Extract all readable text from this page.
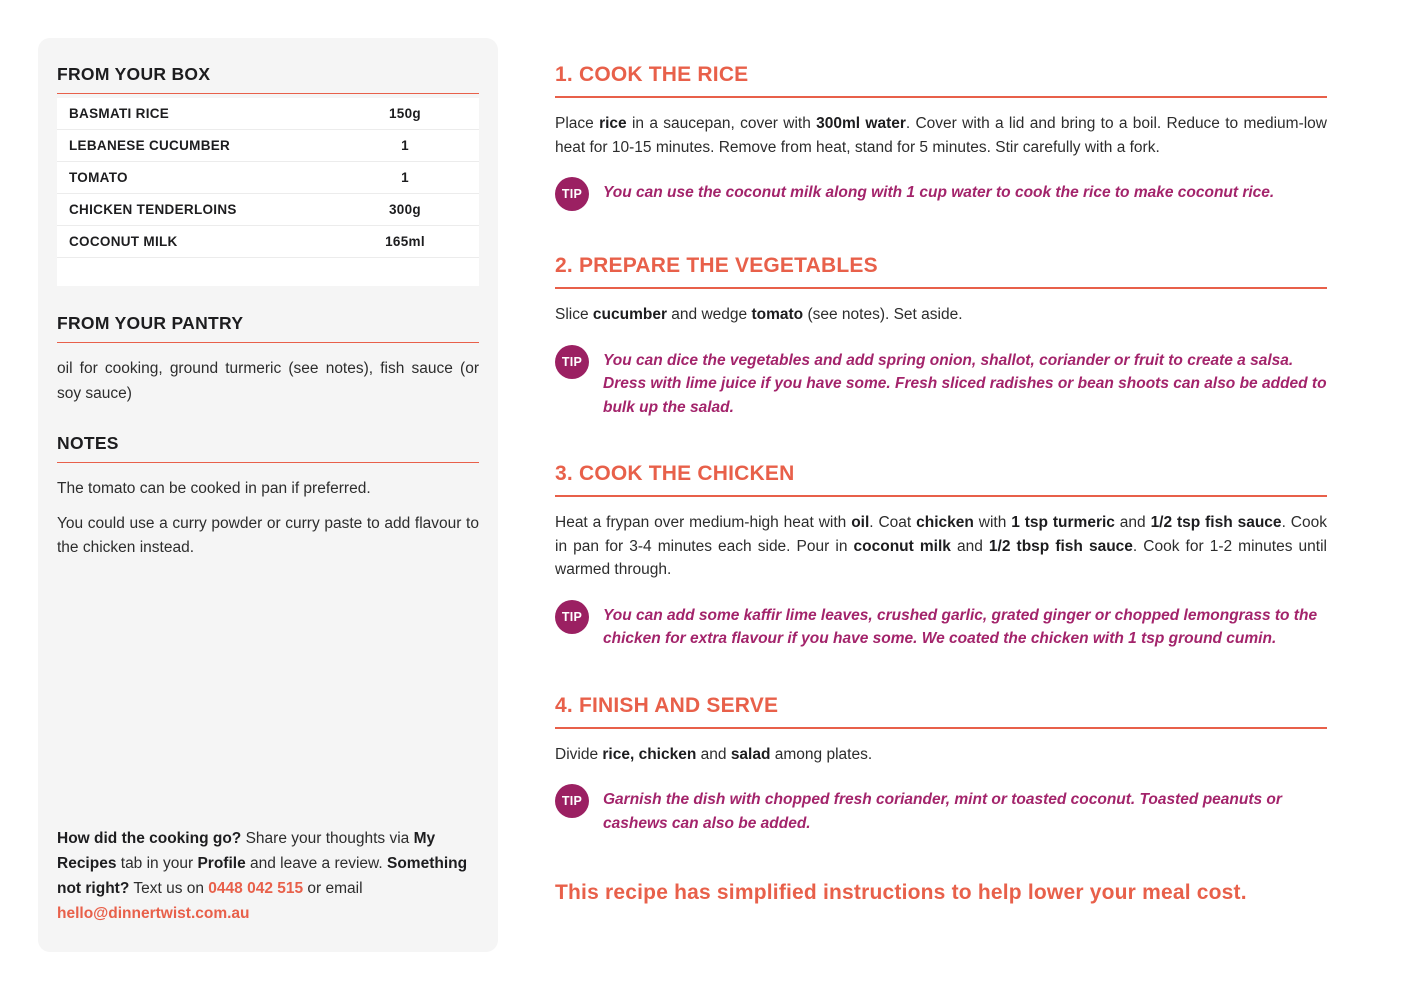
FROM YOUR BOX
BASMATI RICE	150g
LEBANESE CUCUMBER	1
TOMATO	1
CHICKEN TENDERLOINS	300g
COCONUT MILK	165ml
FROM YOUR PANTRY

oil for cooking, ground turmeric (see notes), fish sauce (or soy sauce)

NOTES

The tomato can be cooked in pan if preferred.

You could use a curry powder or curry paste to add flavour to the chicken instead.

How did the cooking go? Share your thoughts via My Recipes tab in your Profile and leave a review. Something not right? Text us on 0448 042 515 or email hello@dinnertwist.com.au

1. COOK THE RICE

Place rice in a saucepan, cover with 300ml water. Cover with a lid and bring to a boil. Reduce to medium-low heat for 10-15 minutes. Remove from heat, stand for 5 minutes. Stir carefully with a fork.

TIP	You can use the coconut milk along with 1 cup water to cook the rice to make coconut rice.

2. PREPARE THE VEGETABLES

Slice cucumber and wedge tomato (see notes). Set aside.

TIP	You can dice the vegetables and add spring onion, shallot, coriander or fruit to create a salsa. Dress with lime juice if you have some. Fresh sliced radishes or bean shoots can also be added to bulk up the salad.

3. COOK THE CHICKEN

Heat a frypan over medium-high heat with oil. Coat chicken with 1 tsp turmeric and 1/2 tsp fish sauce. Cook in pan for 3-4 minutes each side. Pour in coconut milk and 1/2 tbsp fish sauce. Cook for 1-2 minutes until warmed through.

TIP	You can add some kaffir lime leaves, crushed garlic, grated ginger or chopped lemongrass to the chicken for extra flavour if you have some. We coated the chicken with 1 tsp ground cumin.

4. FINISH AND SERVE

Divide rice, chicken and salad among plates.

TIP	Garnish the dish with chopped fresh coriander, mint or toasted coconut. Toasted peanuts or cashews can also be added.

This recipe has simplified instructions to help lower your meal cost.
